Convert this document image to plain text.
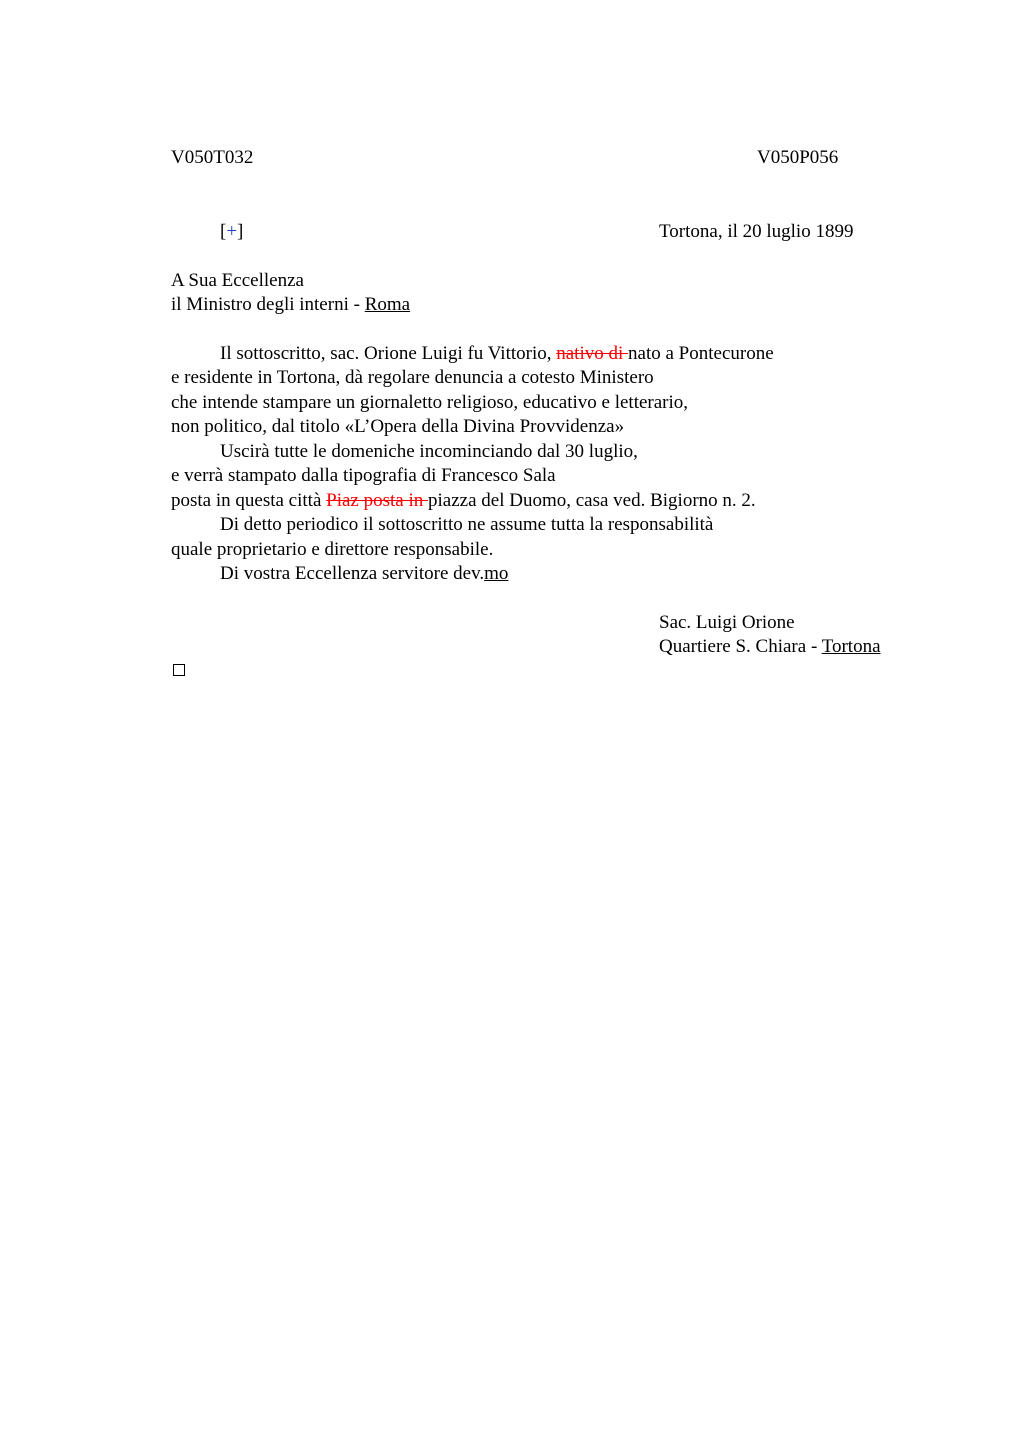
V050T032	V050P056
[+]	Tortona, il 20 luglio 1899
A Sua Eccellenza
il Ministro degli interni - Roma
Il sottoscritto, sac. Orione Luigi fu Vittorio, nativo di nato a Pontecurone
e residente in Tortona, dà regolare denuncia a cotesto Ministero
che intende stampare un giornaletto religioso, educativo e letterario,
non politico, dal titolo «L’Opera della Divina Provvidenza»
Uscirà tutte le domeniche incominciando dal 30 luglio,
e verrà stampato dalla tipografia di Francesco Sala
posta in questa città Piaz posta in piazza del Duomo, casa ved. Bigiorno n. 2.
Di detto periodico il sottoscritto ne assume tutta la responsabilità
quale proprietario e direttore responsabile.
Di vostra Eccellenza servitore dev.mo
Sac. Luigi Orione
Quartiere S. Chiara - Tortona
